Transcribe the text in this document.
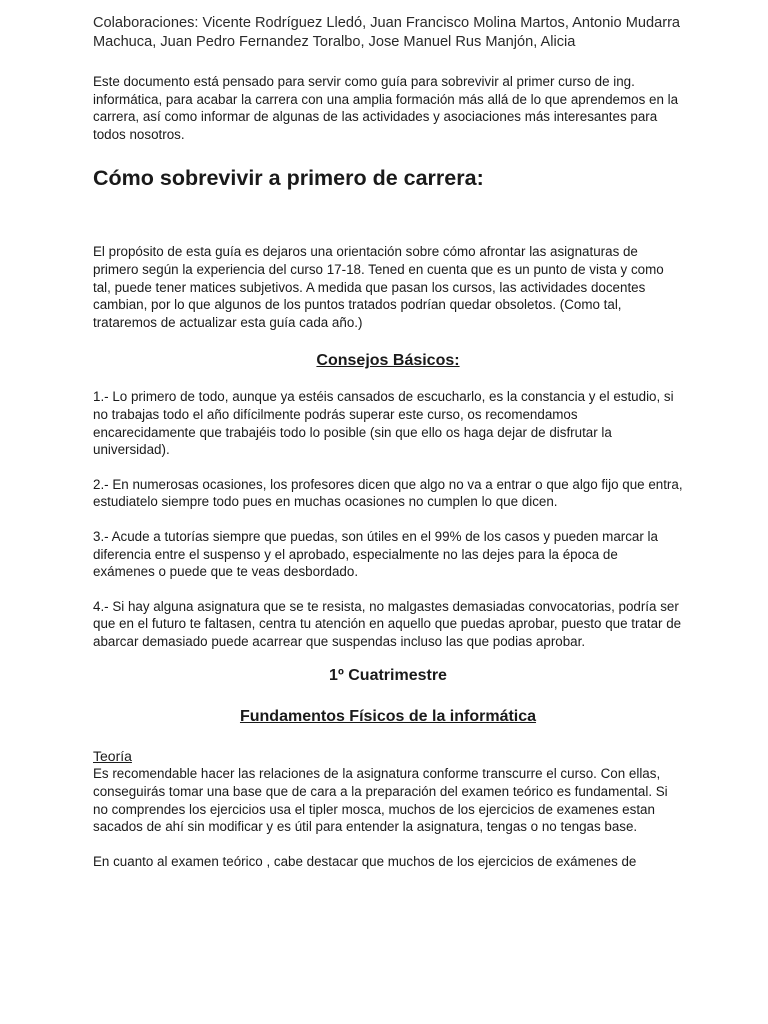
Colaboraciones: Vicente Rodríguez Lledó, Juan Francisco Molina Martos, Antonio Mudarra Machuca, Juan Pedro Fernandez Toralbo, Jose Manuel Rus Manjón, Alicia

Este documento está pensado para servir como guía para sobrevivir al primer curso de ing. informática, para acabar la carrera con una amplia formación más allá de lo que aprendemos en la carrera, así como informar de algunas de las actividades y asociaciones más interesantes para todos nosotros.

Cómo sobrevivir a primero de carrera:

El propósito de esta guía es dejaros una orientación sobre cómo afrontar las asignaturas de primero según la experiencia del curso 17-18. Tened en cuenta que es un punto de vista y como tal, puede tener matices subjetivos. A medida que pasan los cursos, las actividades docentes cambian, por lo que algunos de los puntos tratados podrían quedar obsoletos. (Como tal, trataremos de actualizar esta guía cada año.)

Consejos Básicos:

1.- Lo primero de todo, aunque ya estéis cansados de escucharlo, es la constancia y el estudio, si no trabajas todo el año difícilmente podrás superar este curso, os recomendamos encarecidamente que trabajéis todo lo posible (sin que ello os haga dejar de disfrutar la universidad).

2.- En numerosas ocasiones, los profesores dicen que algo no va a entrar o que algo fijo que entra, estudiatelo siempre todo pues en muchas ocasiones no cumplen lo que dicen.

3.- Acude a tutorías siempre que puedas, son útiles en el 99% de los casos y pueden marcar la diferencia entre el suspenso y el aprobado, especialmente no las dejes para la época de exámenes o puede que te veas desbordado.

4.- Si hay alguna asignatura que se te resista, no malgastes demasiadas convocatorias, podría ser que en el futuro te faltasen, centra tu atención en aquello que puedas aprobar, puesto que tratar de abarcar demasiado puede acarrear que suspendas incluso las que podias aprobar.

1º Cuatrimestre
Fundamentos Físicos de la informática

Teoría

Es recomendable hacer las relaciones de la asignatura conforme transcurre el curso. Con ellas, conseguirás tomar una base que de cara a la preparación del examen teórico es fundamental. Si no comprendes los ejercicios usa el tipler mosca, muchos de los ejercicios de examenes estan sacados de ahí sin modificar y es útil para entender la asignatura, tengas o no tengas base.

En cuanto al examen teórico , cabe destacar que muchos de los ejercicios de exámenes de
